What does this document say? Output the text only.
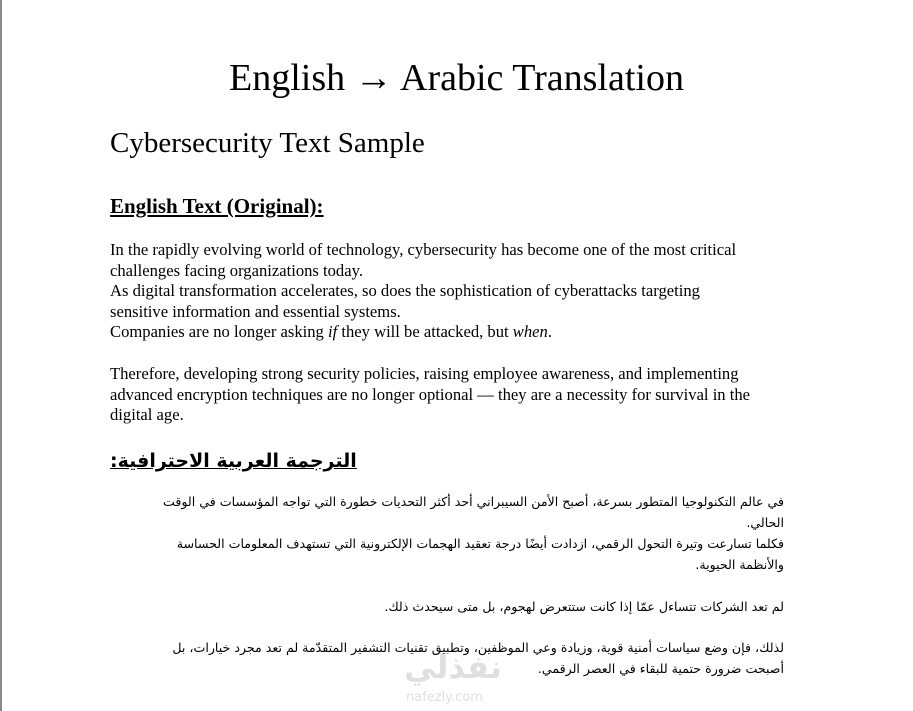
English → Arabic Translation
Cybersecurity Text Sample
English Text (Original):

In the rapidly evolving world of technology, cybersecurity has become one of the most critical
challenges facing organizations today.
As digital transformation accelerates, so does the sophistication of cyberattacks targeting
sensitive information and essential systems.
Companies are no longer asking if they will be attacked, but when.

Therefore, developing strong security policies, raising employee awareness, and implementing
advanced encryption techniques are no longer optional — they are a necessity for survival in the
digital age.

الترجمة العربية الاحترافية:

في عالم التكنولوجيا المتطور بسرعة، أصبح الأمن السيبراني أحد أكثر التحديات خطورة التي تواجه المؤسسات في الوقت
الحالي.
فكلما تسارعت وتيرة التحول الرقمي، ازدادت أيضًا درجة تعقيد الهجمات الإلكترونية التي تستهدف المعلومات الحساسة
والأنظمة الحيوية.

لم تعد الشركات تتساءل عمّا إذا كانت ستتعرض لهجوم، بل متى سيحدث ذلك.

لذلك، فإن وضع سياسات أمنية قوية، وزيادة وعي الموظفين، وتطبيق تقنيات التشفير المتقدّمة لم تعد مجرد خيارات، بل
أصبحت ضرورة حتمية للبقاء في العصر الرقمي.

نفذلي
nafezly.com
